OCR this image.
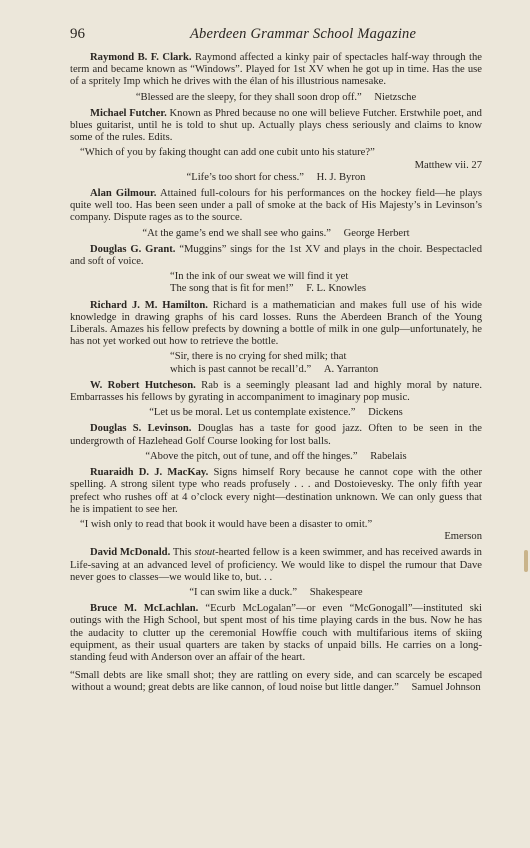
96	Aberdeen Grammar School Magazine

Raymond B. F. Clark. Raymond affected a kinky pair of spectacles half-way through the term and became known as “Windows”. Played for 1st XV when he got up in time. Has the use of a spritely Imp which he drives with the élan of his illustrious namesake.

“Blessed are the sleepy, for they shall soon drop off.” Nietzsche

Michael Futcher. Known as Phred because no one will believe Futcher. Erstwhile poet, and blues guitarist, until he is told to shut up. Actually plays chess seriously and claims to know some of the rules. Edits.

“Which of you by faking thought can add one cubit unto his stature?”

Matthew vii. 27

“Life’s too short for chess.” H. J. Byron

Alan Gilmour. Attained full-colours for his performances on the hockey field—he plays quite well too. Has been seen under a pall of smoke at the back of His Majesty’s in Levinson’s company. Dispute rages as to the source.

“At the game’s end we shall see who gains.” George Herbert

Douglas G. Grant. “Muggins” sings for the 1st XV and plays in the choir. Bespectacled and soft of voice.

“In the ink of our sweat we will find it yet
The song that is fit for men!” F. L. Knowles

Richard J. M. Hamilton. Richard is a mathematician and makes full use of his wide knowledge in drawing graphs of his card losses. Runs the Aberdeen Branch of the Young Liberals. Amazes his fellow prefects by downing a bottle of milk in one gulp—unfortunately, he has not yet worked out how to retrieve the bottle.

“Sir, there is no crying for shed milk; that
which is past cannot be recall’d.” A. Yarranton

W. Robert Hutcheson. Rab is a seemingly pleasant lad and highly moral by nature. Embarrasses his fellows by gyrating in accompaniment to imaginary pop music.

“Let us be moral. Let us contemplate existence.” Dickens

Douglas S. Levinson. Douglas has a taste for good jazz. Often to be seen in the undergrowth of Hazlehead Golf Course looking for lost balls.

“Above the pitch, out of tune, and off the hinges.” Rabelais

Ruaraidh D. J. MacKay. Signs himself Rory because he cannot cope with the other spelling. A strong silent type who reads profusely . . . and Dostoievesky. The only fifth year prefect who rushes off at 4 o’clock every night—destination unknown. We can only guess that he is impatient to see her.

“I wish only to read that book it would have been a disaster to omit.”

Emerson

David McDonald. This stout-hearted fellow is a keen swimmer, and has received awards in Life-saving at an advanced level of proficiency. We would like to dispel the rumour that Dave never goes to classes—we would like to, but. . .

“I can swim like a duck.” Shakespeare

Bruce M. McLachlan. “Ecurb McLogalan”—or even “McGonogall”—instituted ski outings with the High School, but spent most of his time playing cards in the bus. Now he has the audacity to clutter up the ceremonial Howffie couch with multifarious items of skiing equipment, as their usual quarters are taken by stacks of unpaid bills. He carries on a long-standing feud with Anderson over an affair of the heart.

“Small debts are like small shot; they are rattling on every side, and can scarcely be escaped without a wound; great debts are like cannon, of loud noise but little danger.” Samuel Johnson
